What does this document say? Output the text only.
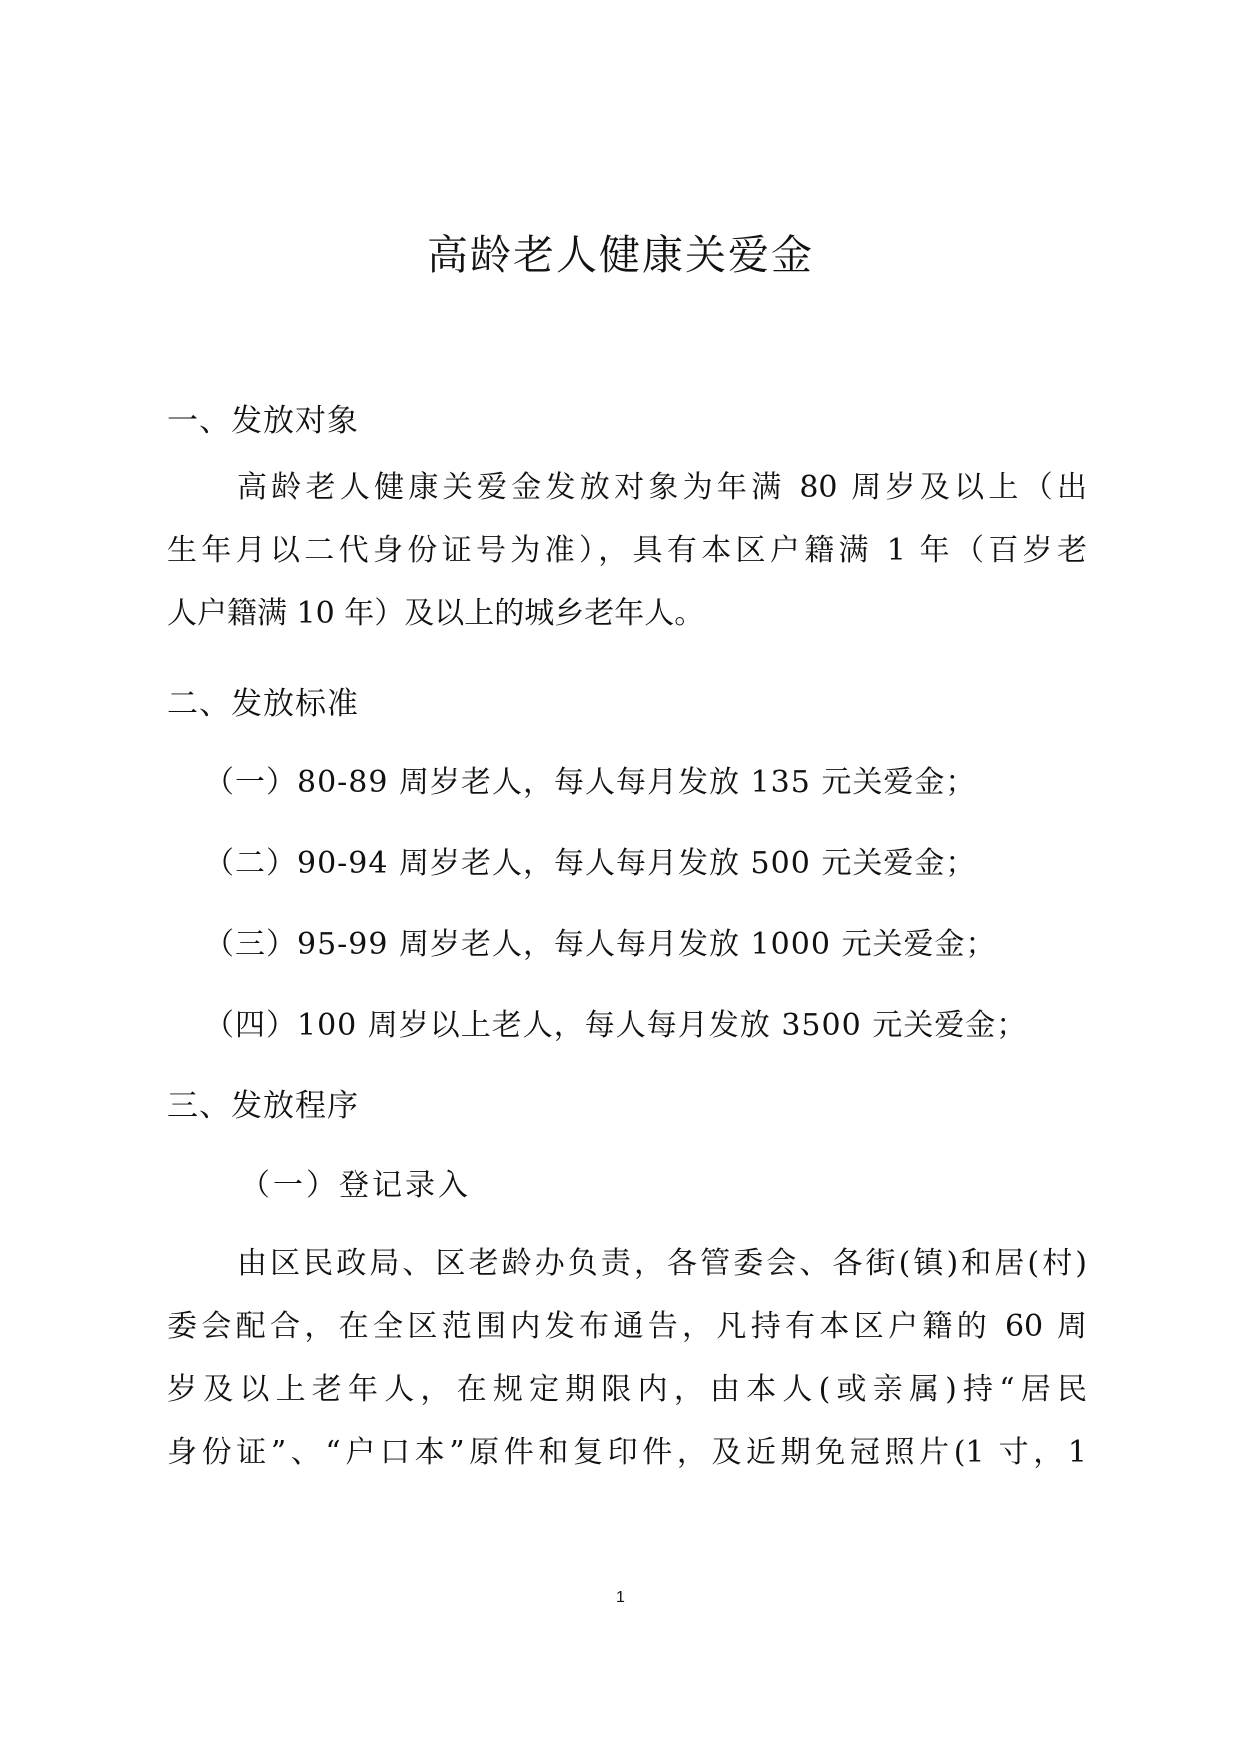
高龄老人健康关爱金
一、发放对象
高龄老人健康关爱金发放对象为年满 80 周岁及以上（出
生年月以二代身份证号为准），具有本区户籍满 1 年（百岁老
人户籍满 10 年）及以上的城乡老年人。
二、发放标准
（一）80-89 周岁老人，每人每月发放 135 元关爱金；
（二）90-94 周岁老人，每人每月发放 500 元关爱金；
（三）95-99 周岁老人，每人每月发放 1000 元关爱金；
（四）100 周岁以上老人，每人每月发放 3500 元关爱金；
三、发放程序
（一）登记录入
由区民政局、区老龄办负责，各管委会、各街(镇)和居(村)
委会配合，在全区范围内发布通告，凡持有本区户籍的 60 周
岁及以上老年人，在规定期限内，由本人(或亲属)持“居民
身份证”、“户口本”原件和复印件，及近期免冠照片(1 寸，1
1
